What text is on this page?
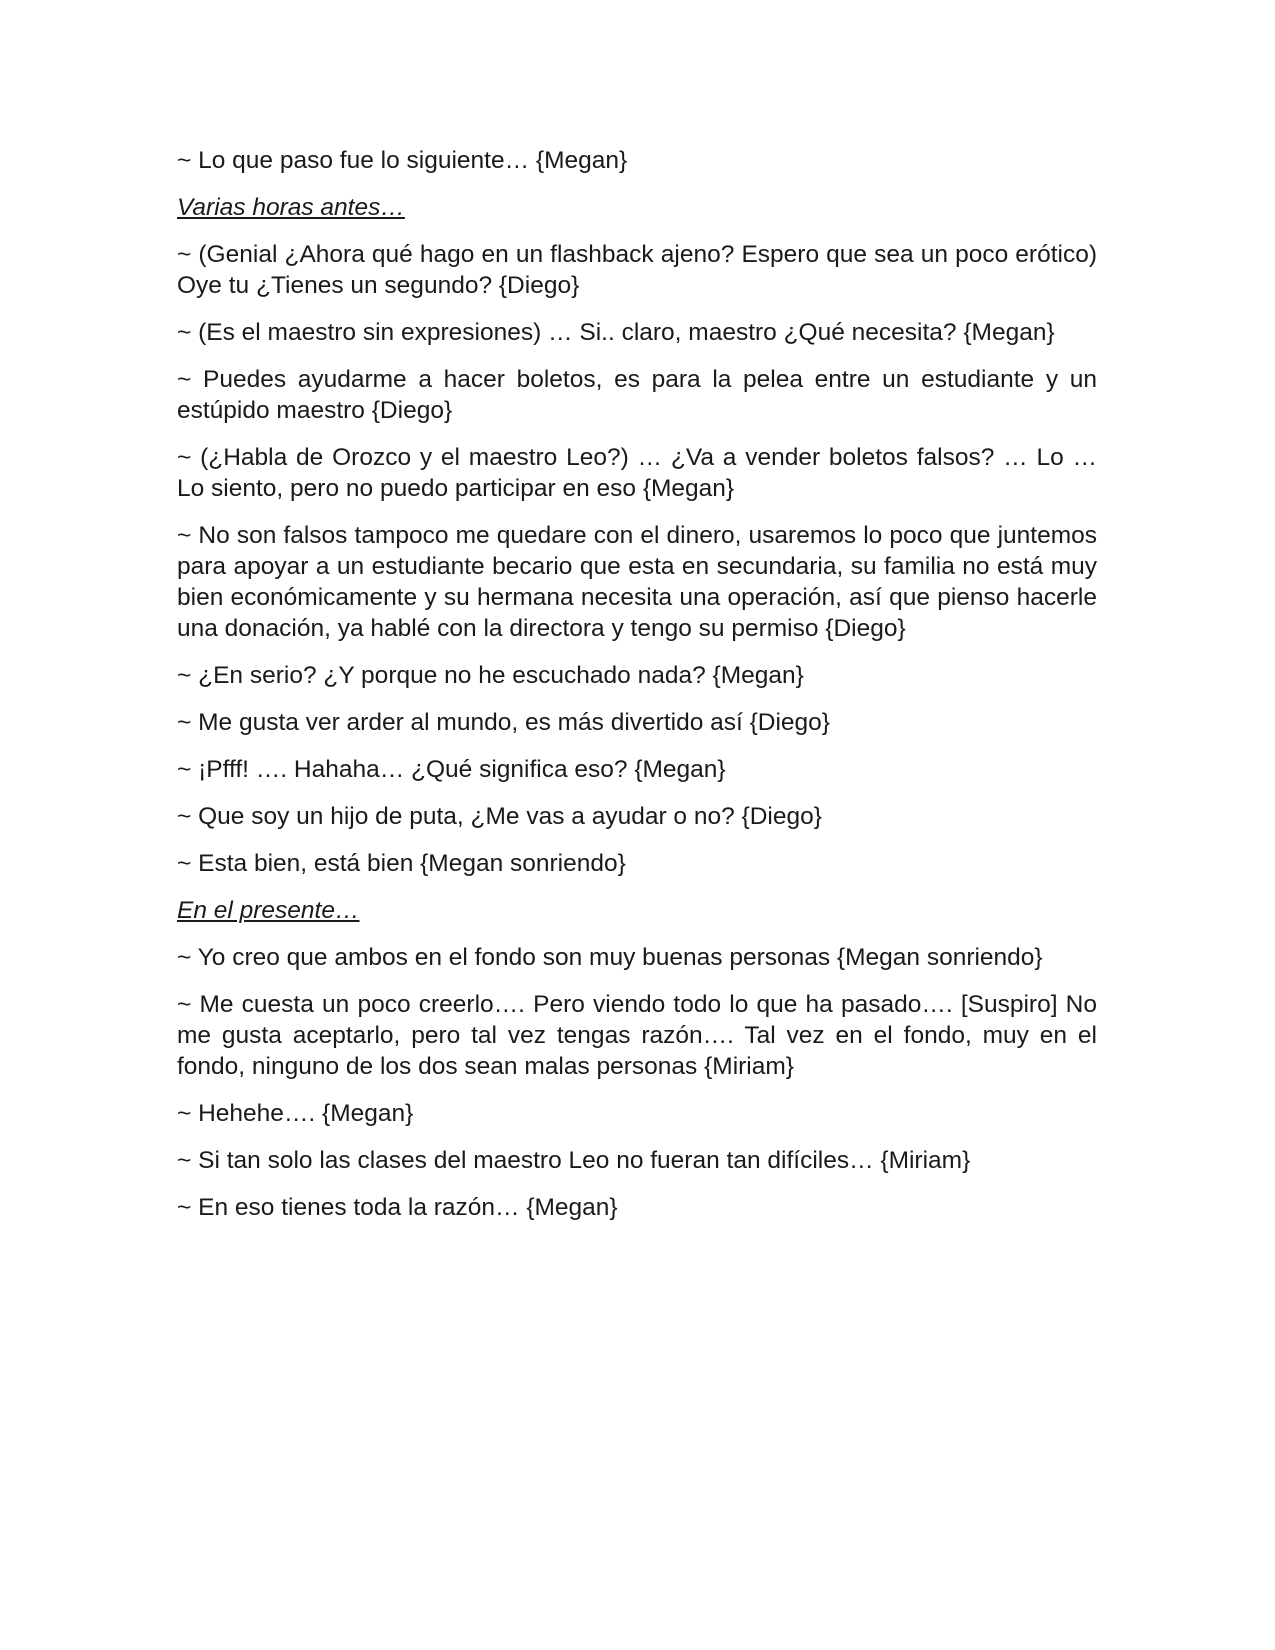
~ Lo que paso fue lo siguiente… {Megan}

Varias horas antes…

~ (Genial ¿Ahora qué hago en un flashback ajeno? Espero que sea un poco erótico) Oye tu ¿Tienes un segundo? {Diego}

~ (Es el maestro sin expresiones) … Si.. claro, maestro ¿Qué necesita? {Megan}

~ Puedes ayudarme a hacer boletos, es para la pelea entre un estudiante y un estúpido maestro {Diego}

~ (¿Habla de Orozco y el maestro Leo?) … ¿Va a vender boletos falsos? … Lo … Lo siento, pero no puedo participar en eso {Megan}

~ No son falsos tampoco me quedare con el dinero, usaremos lo poco que juntemos para apoyar a un estudiante becario que esta en secundaria, su familia no está muy bien económicamente y su hermana necesita una operación, así que pienso hacerle una donación, ya hablé con la directora y tengo su permiso {Diego}

~ ¿En serio? ¿Y porque no he escuchado nada? {Megan}

~ Me gusta ver arder al mundo, es más divertido así {Diego}

~ ¡Pfff! …. Hahaha… ¿Qué significa eso? {Megan}

~ Que soy un hijo de puta, ¿Me vas a ayudar o no? {Diego}

~ Esta bien, está bien {Megan sonriendo}

En el presente…

~ Yo creo que ambos en el fondo son muy buenas personas {Megan sonriendo}

~ Me cuesta un poco creerlo…. Pero viendo todo lo que ha pasado…. [Suspiro] No me gusta aceptarlo, pero tal vez tengas razón…. Tal vez en el fondo, muy en el fondo, ninguno de los dos sean malas personas {Miriam}

~ Hehehe…. {Megan}

~ Si tan solo las clases del maestro Leo no fueran tan difíciles… {Miriam}

~ En eso tienes toda la razón… {Megan}
